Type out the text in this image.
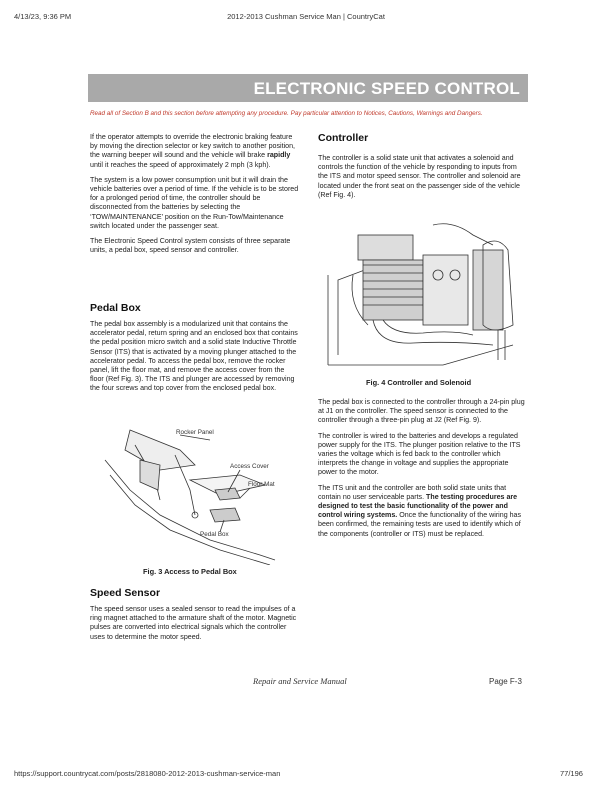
4/13/23, 9:36 PM	2012-2013 Cushman Service Man | CountryCat
ELECTRONIC SPEED CONTROL
Read all of Section B and this section before attempting any procedure. Pay particular attention to Notices, Cautions, Warnings and Dangers.

If the operator attempts to override the electronic braking feature by moving the direction selector or key switch to another position, the warning beeper will sound and the vehicle will brake rapidly until it reaches the speed of approximately 2 mph (3 kph).

The system is a low power consumption unit but it will drain the vehicle batteries over a period of time. If the vehicle is to be stored for a prolonged period of time, the controller should be disconnected from the batteries by selecting the ‘TOW/MAINTENANCE’ position on the Run-Tow/Maintenance switch located under the passenger seat.

The Electronic Speed Control system consists of three separate units, a pedal box, speed sensor and controller.

Pedal Box

The pedal box assembly is a modularized unit that contains the accelerator pedal, return spring and an enclosed box that contains the pedal position micro switch and a solid state Inductive Throttle Sensor (ITS) that is activated by a moving plunger attached to the accelerator pedal. To access the pedal box, remove the rocker panel, lift the floor mat, and remove the access cover from the floor (Ref Fig. 3). The ITS and plunger are accessed by removing the four screws and top cover from the enclosed pedal box.

Rocker Panel
Access Cover
Floor Mat
Pedal Box
Fig. 3 Access to Pedal Box
Speed Sensor

The speed sensor uses a sealed sensor to read the impulses of a ring magnet attached to the armature shaft of the motor. Magnetic pulses are converted into electrical signals which the controller uses to determine the motor speed.

Controller

The controller is a solid state unit that activates a solenoid and controls the function of the vehicle by responding to inputs from the ITS and motor speed sensor. The controller and solenoid are located under the front seat on the passenger side of the vehicle (Ref Fig. 4).

Fig. 4 Controller and Solenoid

The pedal box is connected to the controller through a 24-pin plug at J1 on the controller. The speed sensor is connected to the controller through a three-pin plug at J2 (Ref Fig. 9).

The controller is wired to the batteries and develops a regulated power supply for the ITS. The plunger position relative to the ITS varies the voltage which is fed back to the controller which interprets the change in voltage and supplies the appropriate power to the motor.

The ITS unit and the controller are both solid state units that contain no user serviceable parts. The testing procedures are designed to test the basic functionality of the power and control wiring systems. Once the functionality of the wiring has been confirmed, the remaining tests are used to identify which of the components (controller or ITS) must be replaced.

Repair and Service Manual	Page F-3
https://support.countrycat.com/posts/2818080-2012-2013-cushman-service-man	77/196
